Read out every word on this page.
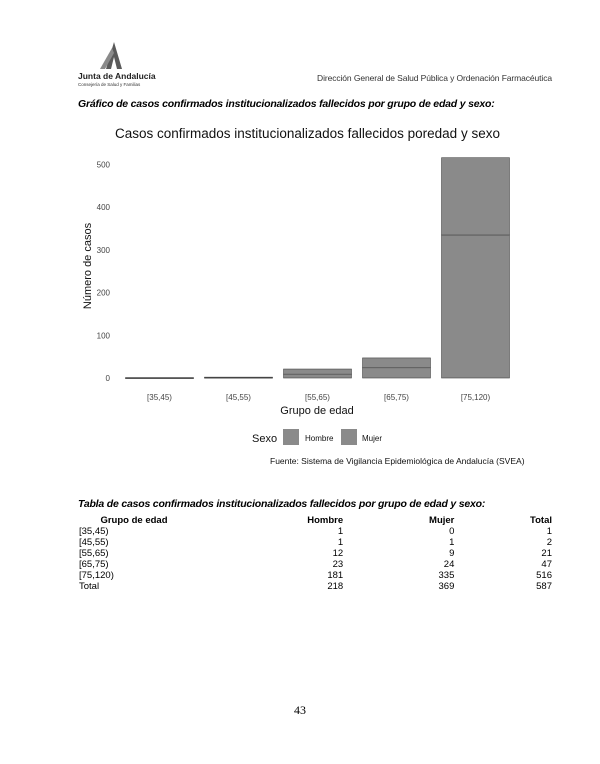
Junta de Andalucía
Consejería de Salud y Familias
Dirección General de Salud Pública y Ordenación Farmacéutica
Gráfico de casos confirmados institucionalizados fallecidos por grupo de edad y sexo:
Casos confirmados institucionalizados fallecidos poredad y sexo
0
100
200
300
400
500
Número de casos
[35,45)	[45,55)	[55,65)	[65,75)	[75,120)
Grupo de edad
Sexo	Hombre	Mujer
Fuente: Sistema de Vigilancia Epidemiológica de Andalucía (SVEA)
Tabla de casos confirmados institucionalizados fallecidos por grupo de edad y sexo:
Grupo de edad	Hombre	Mujer	Total
[35,45)	1	0	1
[45,55)	1	1	2
[55,65)	12	9	21
[65,75)	23	24	47
[75,120)	181	335	516
Total	218	369	587
43
